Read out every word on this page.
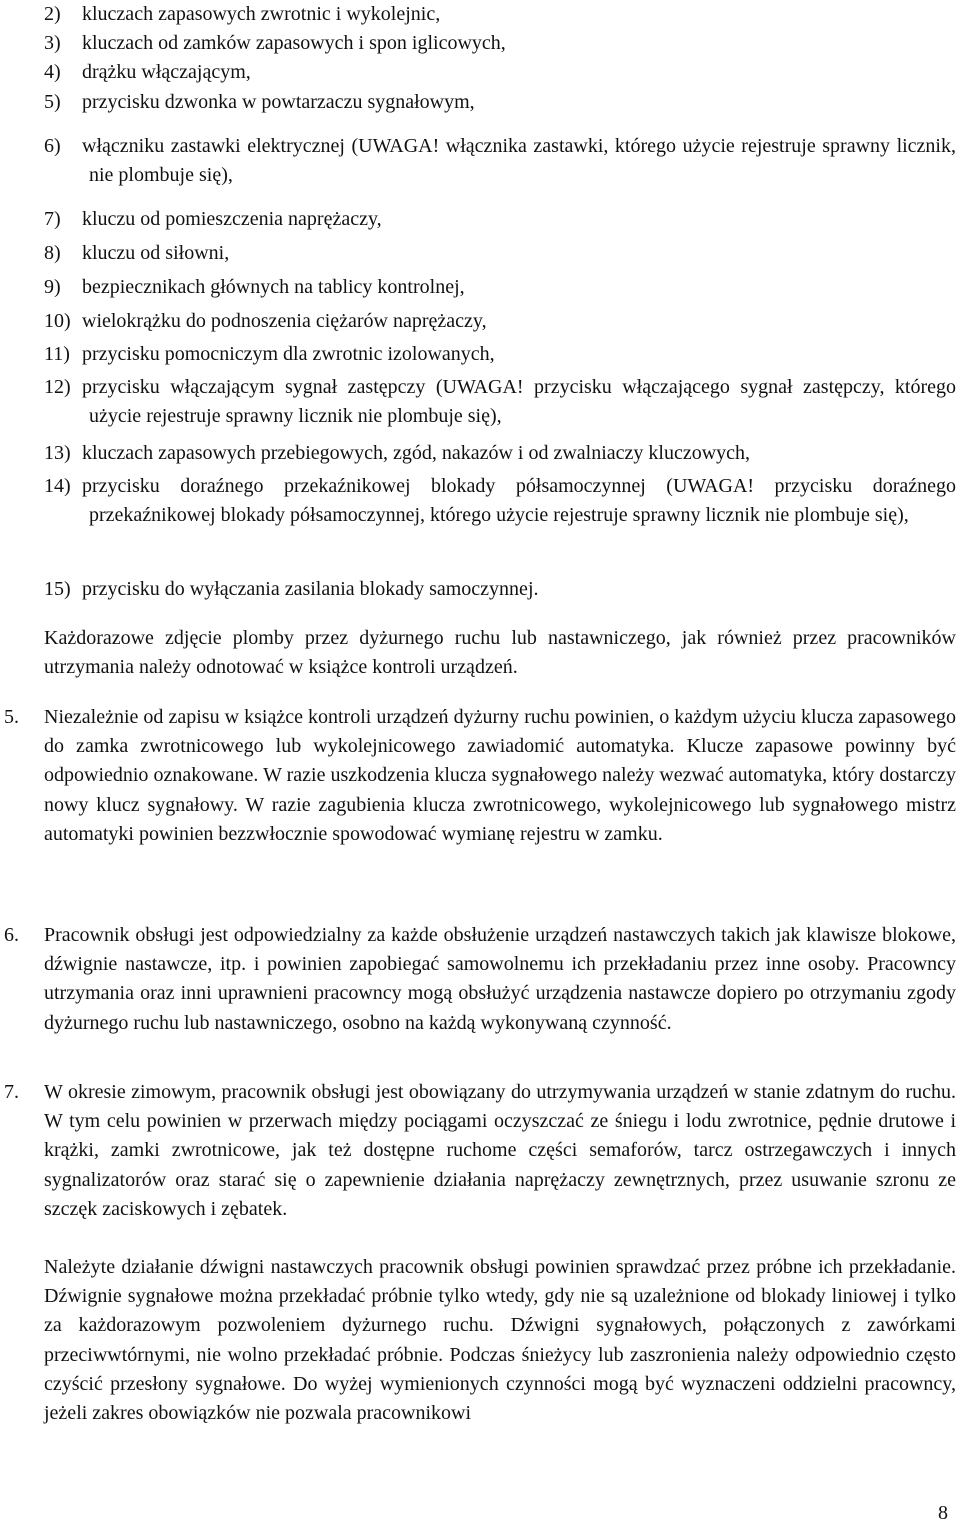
2)	kluczach zapasowych zwrotnic i wykolejnic,
3)	kluczach od zamków zapasowych i spon iglicowych,
4)	drążku włączającym,
5)	przycisku dzwonka w powtarzaczu sygnałowym,
6)	włączniku zastawki elektrycznej (UWAGA! włącznika zastawki, którego użycie rejestruje sprawny licznik, nie plombuje się),
7)	kluczu od pomieszczenia naprężaczy,
8)	kluczu od siłowni,
9)	bezpiecznikach głównych na tablicy kontrolnej,
10) wielokrążku do podnoszenia ciężarów naprężaczy,
11) przycisku pomocniczym dla zwrotnic izolowanych,
12) przycisku włączającym sygnał zastępczy (UWAGA! przycisku włączającego sygnał zastępczy, którego użycie rejestruje sprawny licznik nie plombuje się),
13) kluczach zapasowych przebiegowych, zgód, nakazów i od zwalniaczy kluczowych,
14) przycisku doraźnego przekaźnikowej blokady półsamoczynnej (UWAGA! przycisku doraźnego przekaźnikowej blokady półsamoczynnej, którego użycie rejestruje sprawny licznik nie plombuje się),
15) przycisku do wyłączania zasilania blokady samoczynnej.
Każdorazowe zdjęcie plomby przez dyżurnego ruchu lub nastawniczego, jak również przez pracowników utrzymania należy odnotować w książce kontroli urządzeń.
5. Niezależnie od zapisu w książce kontroli urządzeń dyżurny ruchu powinien, o każdym użyciu klucza zapasowego do zamka zwrotnicowego lub wykolejnicowego zawiadomić automatyka. Klucze zapasowe powinny być odpowiednio oznakowane. W razie uszkodzenia klucza sygnałowego należy wezwać automatyka, który dostarczy nowy klucz sygnałowy. W razie zagubienia klucza zwrotnicowego, wykolejnicowego lub sygnałowego mistrz automatyki powinien bezzwłocznie spowodować wymianę rejestru w zamku.
6. Pracownik obsługi jest odpowiedzialny za każde obsłużenie urządzeń nastawczych takich jak klawisze blokowe, dźwignie nastawcze, itp. i powinien zapobiegać samowolnemu ich przekładaniu przez inne osoby. Pracowncy utrzymania oraz inni uprawnieni pracowncy mogą obsłużyć urządzenia nastawcze dopiero po otrzymaniu zgody dyżurnego ruchu lub nastawniczego, osobno na każdą wykonywaną czynność.
7. W okresie zimowym, pracownik obsługi jest obowiązany do utrzymywania urządzeń w stanie zdatnym do ruchu. W tym celu powinien w przerwach między pociągami oczyszczać ze śniegu i lodu zwrotnice, pędnie drutowe i krążki, zamki zwrotnicowe, jak też dostępne ruchome części semaforów, tarcz ostrzegawczych i innych sygnalizatorów oraz starać się o zapewnienie działania naprężaczy zewnętrznych, przez usuwanie szronu ze szczęk zaciskowych i zębatek.
Należyte działanie dźwigni nastawczych pracownik obsługi powinien sprawdzać przez próbne ich przekładanie. Dźwignie sygnałowe można przekładać próbnie tylko wtedy, gdy nie są uzależnione od blokady liniowej i tylko za każdorazowym pozwoleniem dyżurnego ruchu. Dźwigni sygnałowych, połączonych z zawórkami przeciwwtórnymi, nie wolno przekładać próbnie. Podczas śnieżycy lub zaszronienia należy odpowiednio często czyścić przesłony sygnałowe. Do wyżej wymienionych czynności mogą być wyznaczeni oddzielni pracowncy, jeżeli zakres obowiązków nie pozwala pracownikowi
8
